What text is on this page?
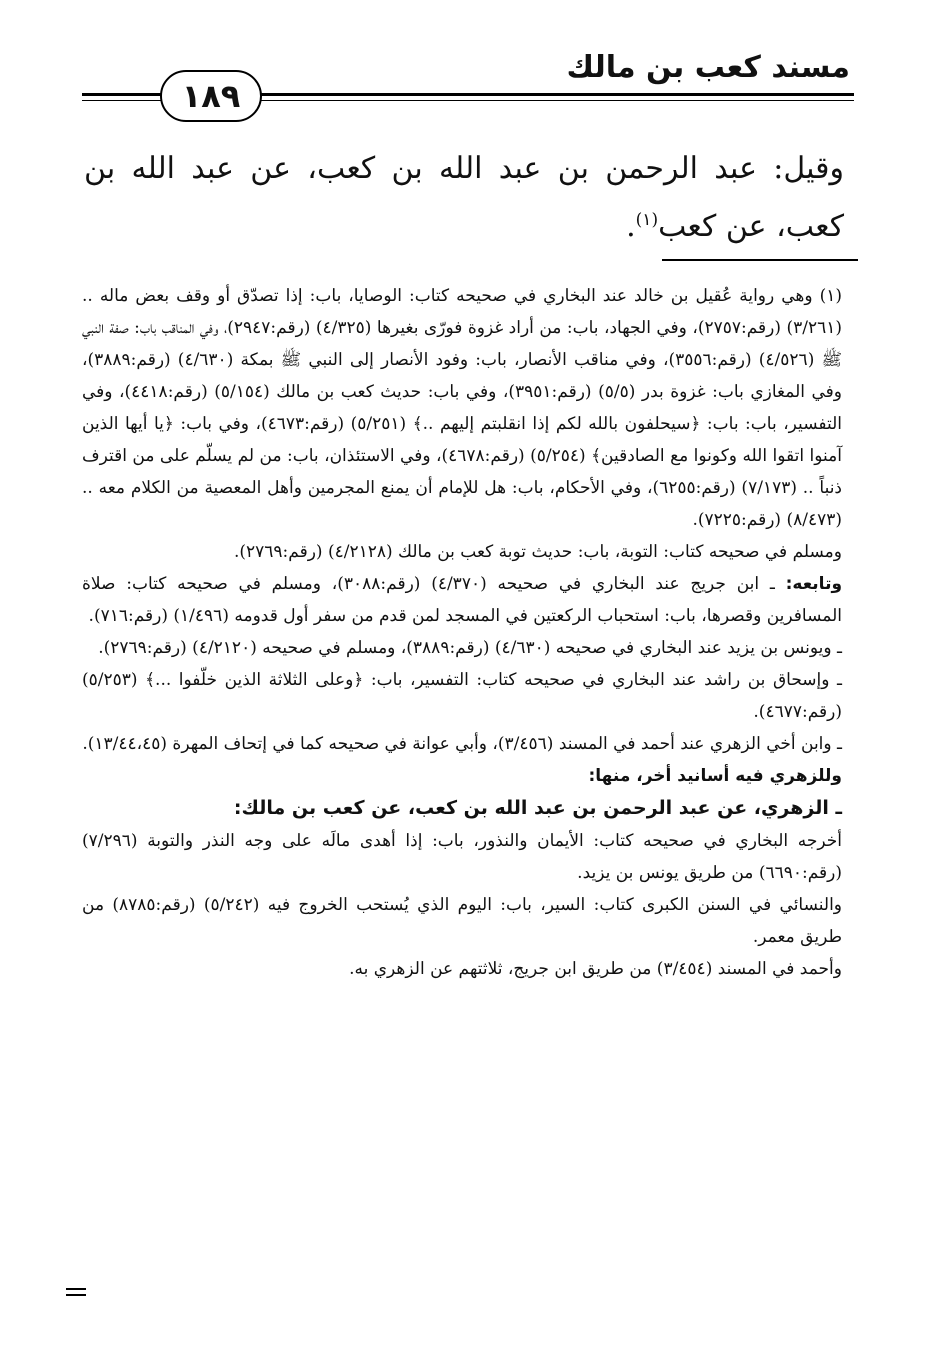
مسند كعب بن مالك
١٨٩
وقيل: عبد الرحمن بن عبد الله بن كعب، عن عبد الله بن كعب، عن كعب$^{(١)}$.

(١) وهي رواية عُقيل بن خالد عند البخاري في صحيحه كتاب: الوصايا، باب: إذا تصدّق أو وقف بعض ماله .. (٣/٢٦١) (رقم:٢٧٥٧)، وفي الجهاد، باب: من أراد غزوة فورّى بغيرها (٤/٣٢٥) (رقم:٢٩٤٧)، وفي المناقب باب: صفة النبي ﷺ (٤/٥٢٦) (رقم:٣٥٥٦)، وفي مناقب الأنصار، باب: وفود الأنصار إلى النبي ﷺ بمكة (٤/٦٣٠) (رقم:٣٨٨٩)، وفي المغازي باب: غزوة بدر (٥/٥) (رقم:٣٩٥١)، وفي باب: حديث كعب بن مالك (٥/١٥٤) (رقم:٤٤١٨)، وفي التفسير، باب: باب: ﴿سيحلفون بالله لكم إذا انقلبتم إليهم ..﴾ (٥/٢٥١) (رقم:٤٦٧٣)، وفي باب: ﴿يا أيها الذين آمنوا اتقوا الله وكونوا مع الصادقين﴾ (٥/٢٥٤) (رقم:٤٦٧٨)، وفي الاستئذان، باب: من لم يسلّم على من اقترف ذنباً .. (٧/١٧٣) (رقم:٦٢٥٥)، وفي الأحكام، باب: هل للإمام أن يمنع المجرمين وأهل المعصية من الكلام معه .. (٨/٤٧٣) (رقم:٧٢٢٥).

ومسلم في صحيحه كتاب: التوبة، باب: حديث توبة كعب بن مالك (٤/٢١٢٨) (رقم:٢٧٦٩).

وتابعه: ـ ابن جريج عند البخاري في صحيحه (٤/٣٧٠) (رقم:٣٠٨٨)، ومسلم في صحيحه كتاب: صلاة المسافرين وقصرها، باب: استحباب الركعتين في المسجد لمن قدم من سفر أول قدومه (١/٤٩٦) (رقم:٧١٦).

ـ ويونس بن يزيد عند البخاري في صحيحه (٤/٦٣٠) (رقم:٣٨٨٩)، ومسلم في صحيحه (٤/٢١٢٠) (رقم:٢٧٦٩).

ـ وإسحاق بن راشد عند البخاري في صحيحه كتاب: التفسير، باب: ﴿وعلى الثلاثة الذين خلّفوا ...﴾ (٥/٢٥٣) (رقم:٤٦٧٧).

ـ وابن أخي الزهري عند أحمد في المسند (٣/٤٥٦)، وأبي عوانة في صحيحه كما في إتحاف المهرة (١٣/٤٤،٤٥).

وللزهري فيه أسانيد أخر، منها:

ـ الزهري، عن عبد الرحمن بن عبد الله بن كعب، عن كعب بن مالك:

أخرجه البخاري في صحيحه كتاب: الأيمان والنذور، باب: إذا أهدى مالَه على وجه النذر والتوبة (٧/٢٩٦) (رقم:٦٦٩٠) من طريق يونس بن يزيد.

والنسائي في السنن الكبرى كتاب: السير، باب: اليوم الذي يُستحب الخروج فيه (٥/٢٤٢) (رقم:٨٧٨٥) من طريق معمر.

وأحمد في المسند (٣/٤٥٤) من طريق ابن جريج، ثلاثتهم عن الزهري به.
